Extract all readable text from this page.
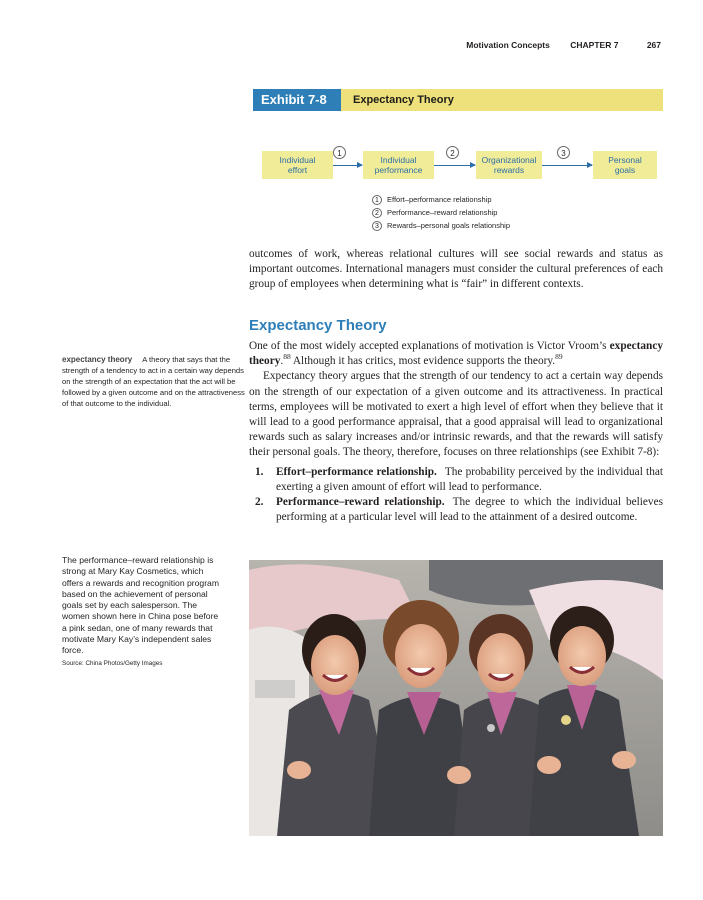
Motivation Concepts CHAPTER 7	267
Exhibit 7-8	Expectancy Theory
Individual
effort
1
Individual
performance
2
Organizational
rewards
3
Personal
goals
1	Effort–performance relationship
2	Performance–reward relationship
3	Rewards–personal goals relationship

outcomes of work, whereas relational cultures will see social rewards and status as important outcomes. International managers must consider the cultural preferences of each group of employees when determining what is “fair” in different contexts.

Expectancy Theory

One of the most widely accepted explanations of motivation is Victor Vroom’s expectancy theory.$^{88}$ Although it has critics, most evidence supports the theory.$^{89}$

Expectancy theory argues that the strength of our tendency to act a certain way depends on the strength of our expectation of a given outcome and its attractiveness. In practical terms, employees will be motivated to exert a high level of effort when they believe that it will lead to a good performance appraisal, that a good appraisal will lead to organizational rewards such as salary increases and/or intrinsic rewards, and that the rewards will satisfy their personal goals. The theory, therefore, focuses on three relationships (see Exhibit 7-8):

1. Effort–performance relationship. The probability perceived by the individual that exerting a given amount of effort will lead to performance.
2. Performance–reward relationship. The degree to which the individual believes performing at a particular level will lead to the attainment of a desired outcome.
expectancy theory A theory that says that the strength of a tendency to act in a certain way depends on the strength of an expectation that the act will be followed by a given outcome and on the attractiveness of that outcome to the individual.
The performance–reward relationship is strong at Mary Kay Cosmetics, which offers a rewards and recognition program based on the achievement of personal goals set by each salesperson. The women shown here in China pose before a pink sedan, one of many rewards that motivate Mary Kay’s independent sales force.
Source: China Photos/Getty Images
